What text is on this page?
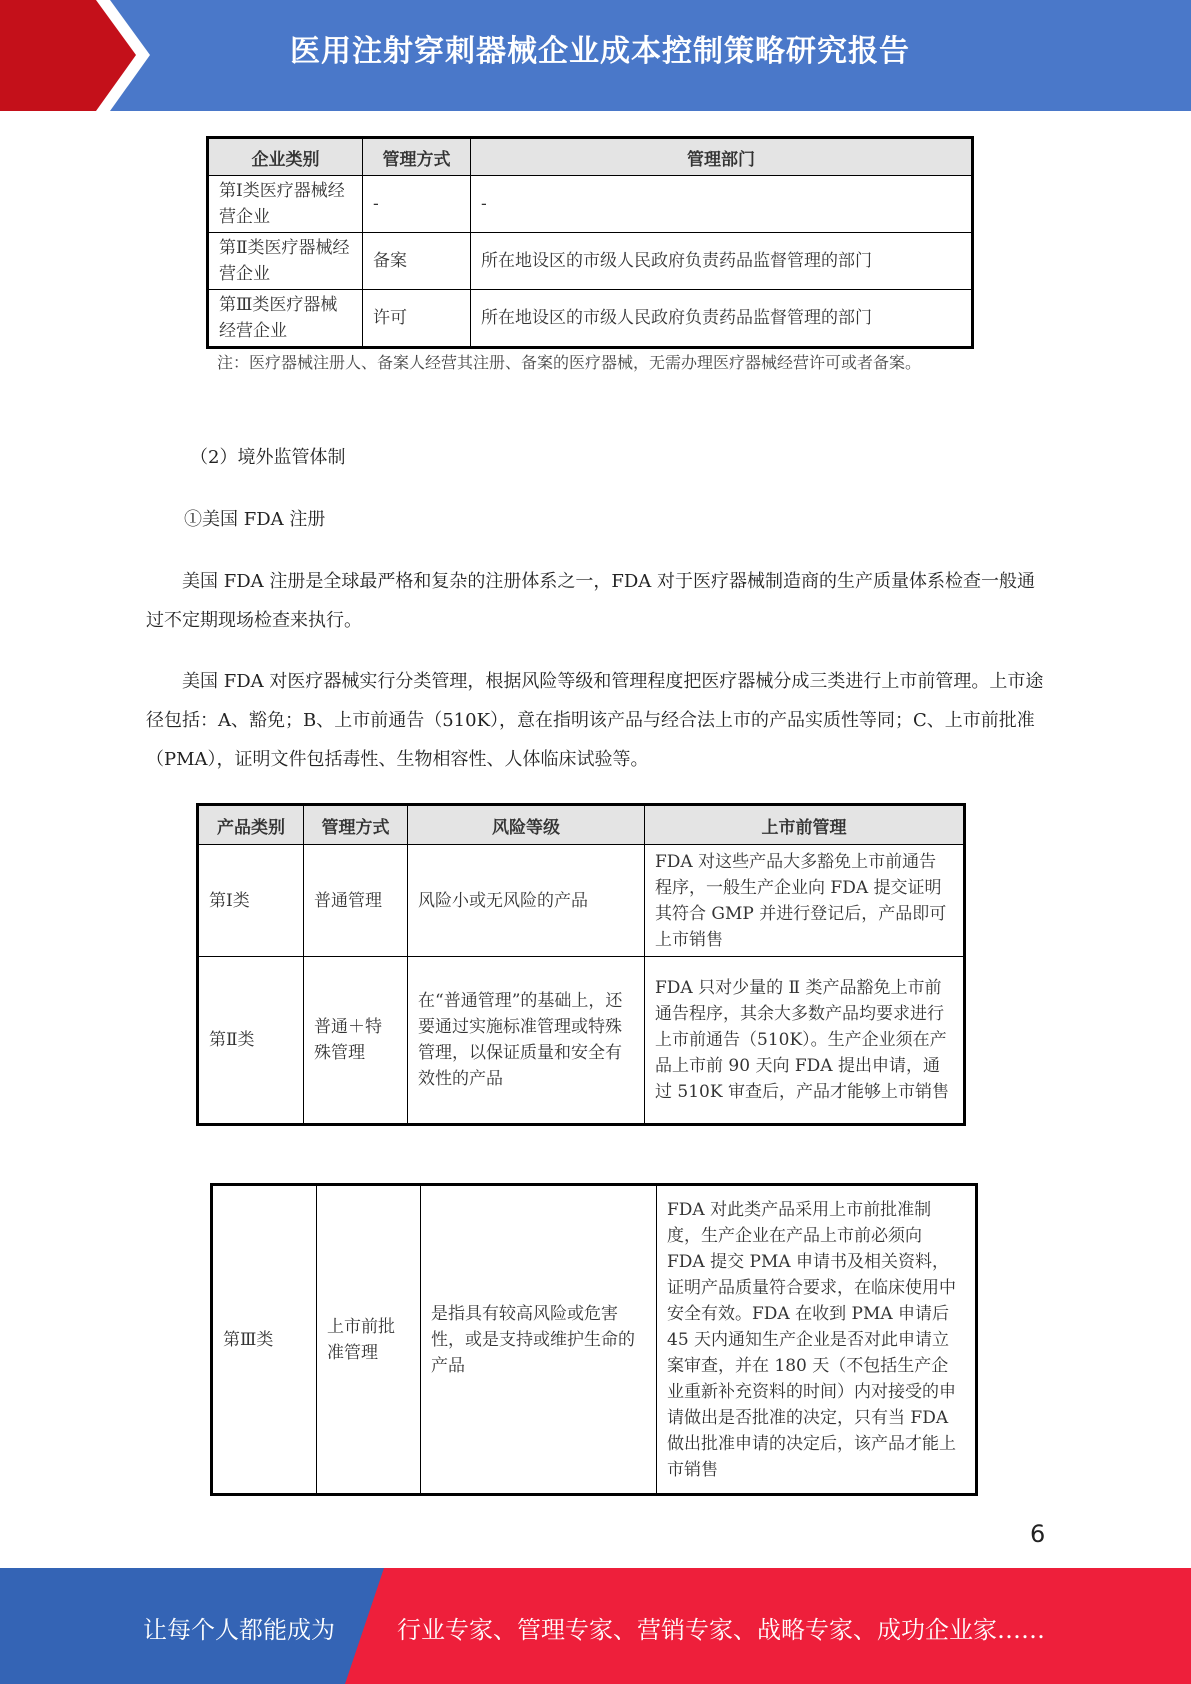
医用注射穿刺器械企业成本控制策略研究报告
企业类别	管理方式	管理部门
第Ⅰ类医疗器械经营企业	-	-
第Ⅱ类医疗器械经营企业	备案	所在地设区的市级人民政府负责药品监督管理的部门
第Ⅲ类医疗器械经营企业	许可	所在地设区的市级人民政府负责药品监督管理的部门
注：医疗器械注册人、备案人经营其注册、备案的医疗器械，无需办理医疗器械经营许可或者备案。
（2）境外监管体制
①美国 FDA 注册
美国 FDA 注册是全球最严格和复杂的注册体系之一，FDA 对于医疗器械制造商的生产质量体系检查一般通过不定期现场检查来执行。
美国 FDA 对医疗器械实行分类管理，根据风险等级和管理程度把医疗器械分成三类进行上市前管理。上市途径包括：A、豁免；B、上市前通告（510K），意在指明该产品与经合法上市的产品实质性等同；C、上市前批准（PMA），证明文件包括毒性、生物相容性、人体临床试验等。
产品类别	管理方式	风险等级	上市前管理
第Ⅰ类	普通管理	风险小或无风险的产品	FDA 对这些产品大多豁免上市前通告程序，一般生产企业向 FDA 提交证明其符合 GMP 并进行登记后，产品即可上市销售
第Ⅱ类	普通＋特殊管理	在“普通管理”的基础上，还要通过实施标准管理或特殊管理，以保证质量和安全有效性的产品	FDA 只对少量的 Ⅱ 类产品豁免上市前通告程序，其余大多数产品均要求进行上市前通告（510K）。生产企业须在产品上市前 90 天向 FDA 提出申请，通过 510K 审查后，产品才能够上市销售
第Ⅲ类	上市前批准管理	是指具有较高风险或危害性，或是支持或维护生命的产品	FDA 对此类产品采用上市前批准制度，生产企业在产品上市前必须向 FDA 提交 PMA 申请书及相关资料，证明产品质量符合要求，在临床使用中安全有效。FDA 在收到 PMA 申请后 45 天内通知生产企业是否对此申请立案审查，并在 180 天（不包括生产企业重新补充资料的时间）内对接受的申请做出是否批准的决定，只有当 FDA 做出批准申请的决定后，该产品才能上市销售
6
让每个人都能成为	行业专家、管理专家、营销专家、战略专家、成功企业家……
